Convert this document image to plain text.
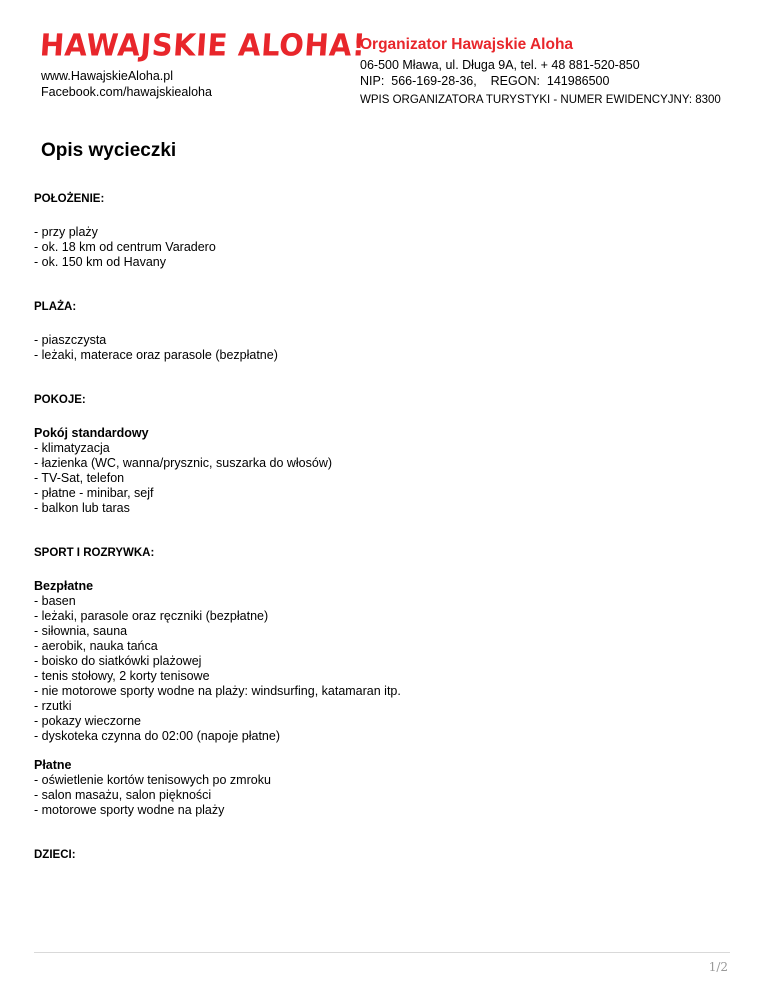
HAWAJSKIE ALOHA!
www.HawajskieAloha.pl
Facebook.com/hawajskiealoha
Organizator Hawajskie Aloha
06-500 Mława, ul. Długa 9A, tel. + 48 881-520-850
NIP:  566-169-28-36,    REGON:  141986500
WPIS ORGANIZATORA TURYSTYKI - NUMER EWIDENCYJNY: 8300
Opis wycieczki
POŁOŻENIE:
- przy plaży
- ok. 18 km od centrum Varadero
- ok. 150 km od Havany
PLAŻA:
- piaszczysta
- leżaki, materace oraz parasole (bezpłatne)
POKOJE:
Pokój standardowy
- klimatyzacja
- łazienka (WC, wanna/prysznic, suszarka do włosów)
- TV-Sat, telefon
- płatne - minibar, sejf
- balkon lub taras
SPORT I ROZRYWKA:
Bezpłatne
- basen
- leżaki, parasole oraz ręczniki (bezpłatne)
- siłownia, sauna
- aerobik, nauka tańca
- boisko do siatkówki plażowej
- tenis stołowy, 2 korty tenisowe
- nie motorowe sporty wodne na plaży: windsurfing, katamaran itp.
- rzutki
- pokazy wieczorne
- dyskoteka czynna do 02:00 (napoje płatne)
Płatne
- oświetlenie kortów tenisowych po zmroku
- salon masażu, salon piękności
- motorowe sporty wodne na plaży
DZIECI:
1/2
